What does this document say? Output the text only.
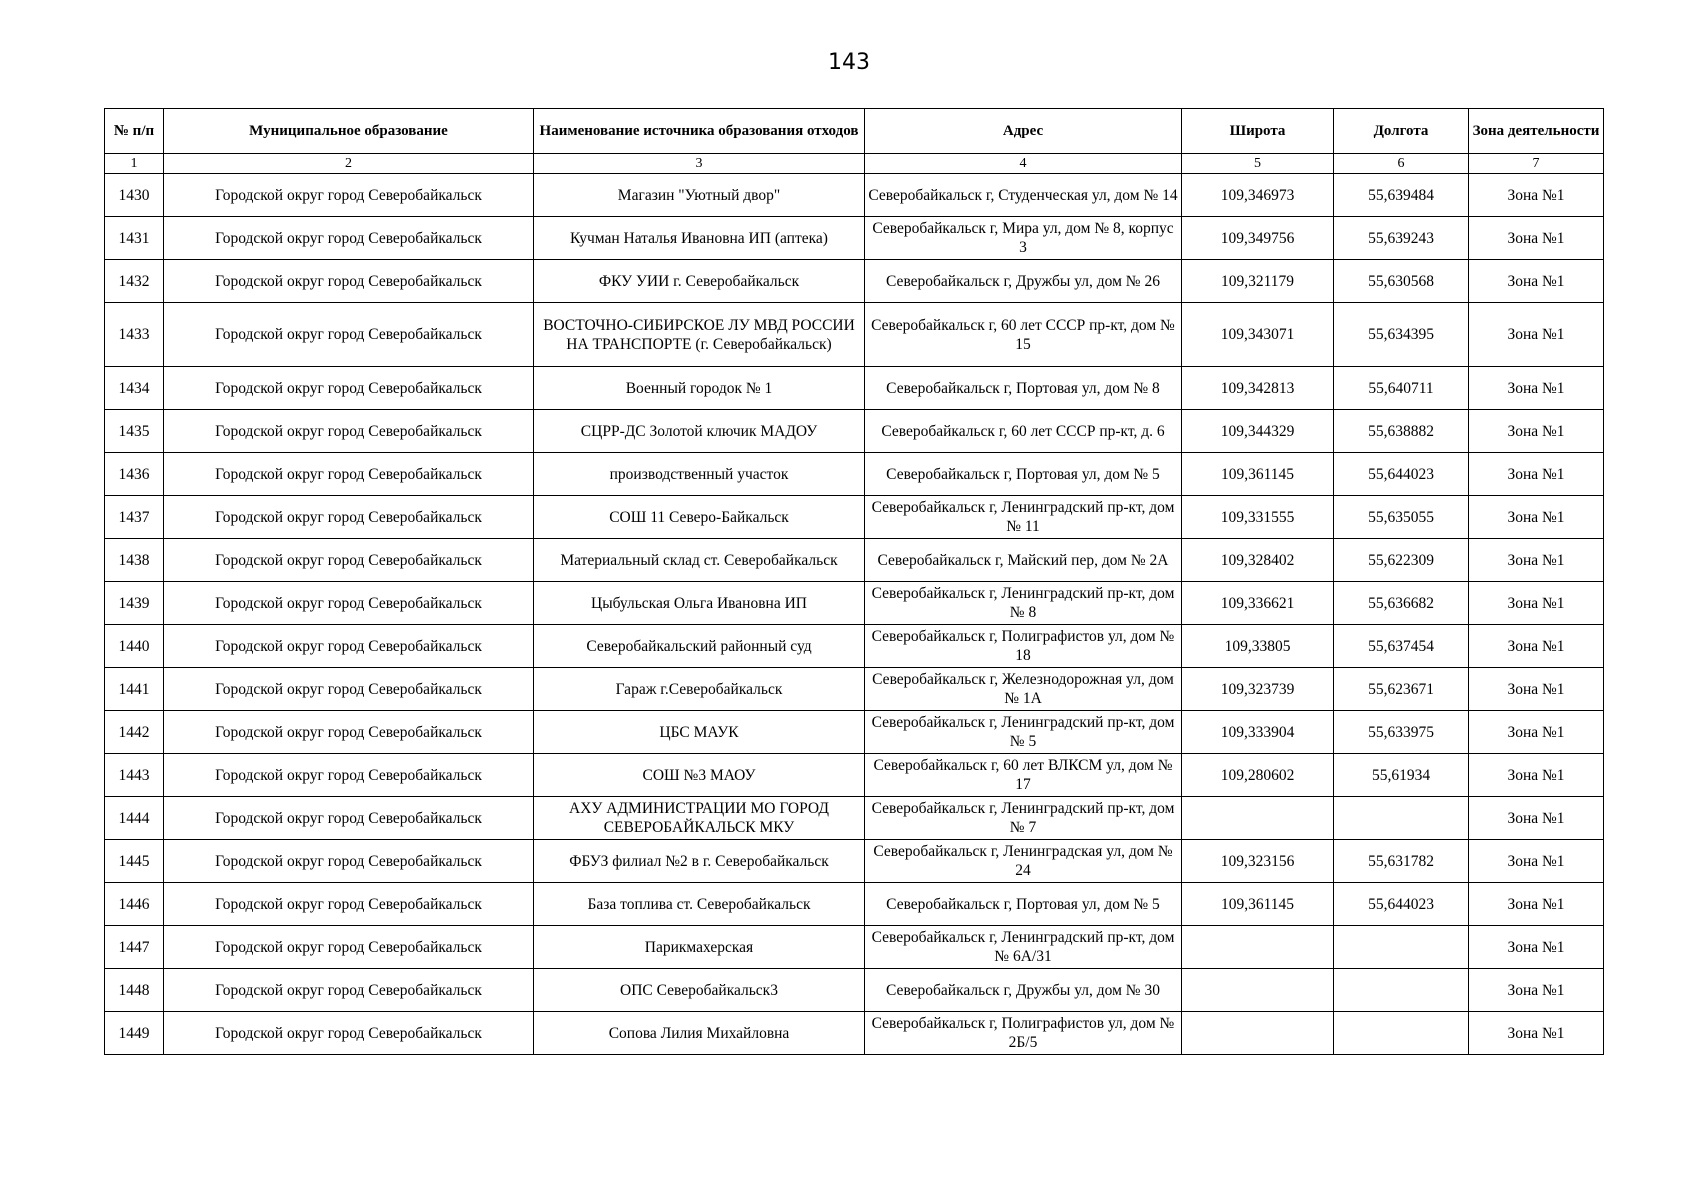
143
№ п/п	Муниципальное образование	Наименование источника образования отходов	Адрес	Широта	Долгота	Зона деятельности
1	2	3	4	5	6	7
1430	Городской округ город Северобайкальск	Магазин "Уютный двор"	Северобайкальск г, Студенческая ул, дом № 14	109,346973	55,639484	Зона №1
1431	Городской округ город Северобайкальск	Кучман Наталья Ивановна ИП (аптека)	Северобайкальск г, Мира ул, дом № 8, корпус 3	109,349756	55,639243	Зона №1
1432	Городской округ город Северобайкальск	ФКУ УИИ г. Северобайкальск	Северобайкальск г, Дружбы ул, дом № 26	109,321179	55,630568	Зона №1
1433	Городской округ город Северобайкальск	ВОСТОЧНО-СИБИРСКОЕ ЛУ МВД РОССИИ НА ТРАНСПОРТЕ (г. Северобайкальск)	Северобайкальск г, 60 лет СССР пр-кт, дом № 15	109,343071	55,634395	Зона №1
1434	Городской округ город Северобайкальск	Военный городок № 1	Северобайкальск г, Портовая ул, дом № 8	109,342813	55,640711	Зона №1
1435	Городской округ город Северобайкальск	СЦРР-ДС Золотой ключик МАДОУ	Северобайкальск г, 60 лет СССР пр-кт, д. 6	109,344329	55,638882	Зона №1
1436	Городской округ город Северобайкальск	производственный участок	Северобайкальск г, Портовая ул, дом № 5	109,361145	55,644023	Зона №1
1437	Городской округ город Северобайкальск	СОШ 11 Северо-Байкальск	Северобайкальск г, Ленинградский пр-кт, дом № 11	109,331555	55,635055	Зона №1
1438	Городской округ город Северобайкальск	Материальный склад ст. Северобайкальск	Северобайкальск г, Майский пер, дом № 2А	109,328402	55,622309	Зона №1
1439	Городской округ город Северобайкальск	Цыбульская Ольга Ивановна ИП	Северобайкальск г, Ленинградский пр-кт, дом № 8	109,336621	55,636682	Зона №1
1440	Городской округ город Северобайкальск	Северобайкальский районный суд	Северобайкальск г, Полиграфистов ул, дом № 18	109,33805	55,637454	Зона №1
1441	Городской округ город Северобайкальск	Гараж г.Северобайкальск	Северобайкальск г, Железнодорожная ул, дом № 1А	109,323739	55,623671	Зона №1
1442	Городской округ город Северобайкальск	ЦБС МАУК	Северобайкальск г, Ленинградский пр-кт, дом № 5	109,333904	55,633975	Зона №1
1443	Городской округ город Северобайкальск	СОШ №3 МАОУ	Северобайкальск г, 60 лет ВЛКСМ ул, дом № 17	109,280602	55,61934	Зона №1
1444	Городской округ город Северобайкальск	АХУ АДМИНИСТРАЦИИ МО ГОРОД СЕВЕРОБАЙКАЛЬСК МКУ	Северобайкальск г, Ленинградский пр-кт, дом № 7			Зона №1
1445	Городской округ город Северобайкальск	ФБУЗ филиал №2 в г. Северобайкальск	Северобайкальск г, Ленинградская ул, дом № 24	109,323156	55,631782	Зона №1
1446	Городской округ город Северобайкальск	База топлива ст. Северобайкальск	Северобайкальск г, Портовая ул, дом № 5	109,361145	55,644023	Зона №1
1447	Городской округ город Северобайкальск	Парикмахерская	Северобайкальск г, Ленинградский пр-кт, дом № 6А/31			Зона №1
1448	Городской округ город Северобайкальск	ОПС Северобайкальск3	Северобайкальск г, Дружбы ул, дом № 30			Зона №1
1449	Городской округ город Северобайкальск	Сопова Лилия Михайловна	Северобайкальск г, Полиграфистов ул, дом № 2Б/5			Зона №1
